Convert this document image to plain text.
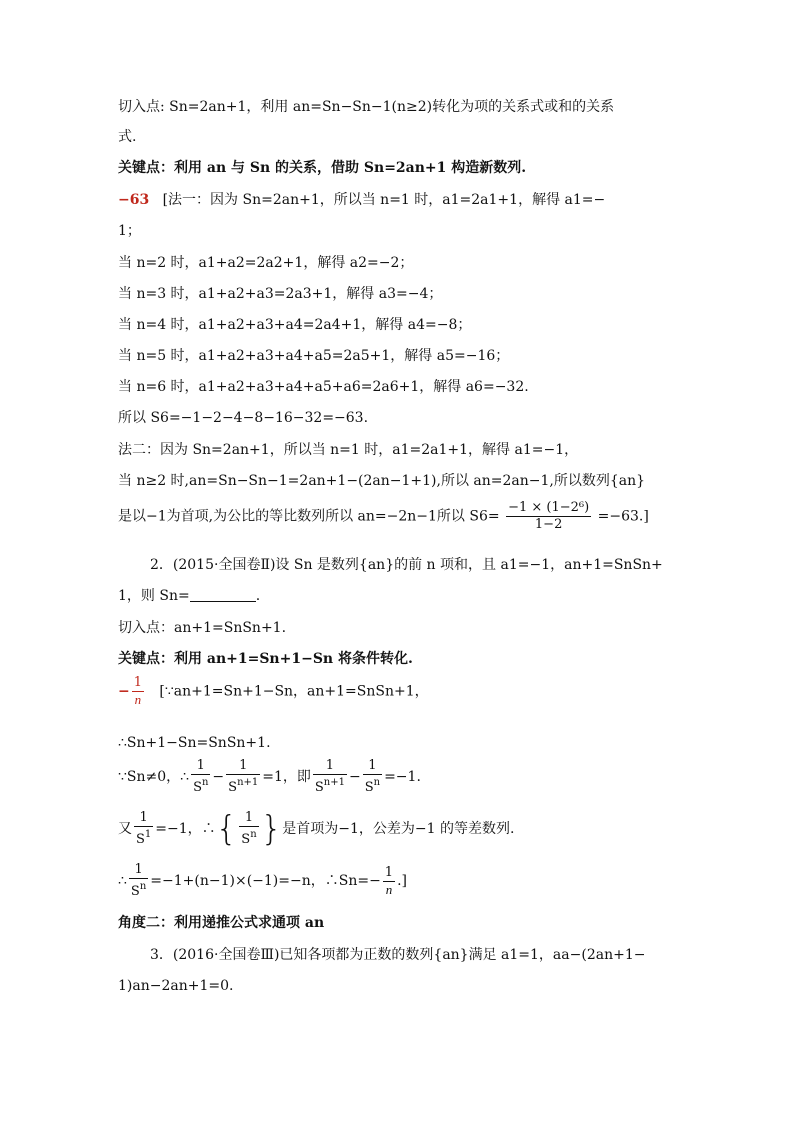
切入点: Sn=2an+1，利用 an=Sn−Sn−1(n≥2)转化为项的关系式或和的关系
式.
关键点：利用 an 与 Sn 的关系，借助 Sn=2an+1 构造新数列.
−63 [法一：因为 Sn=2an+1，所以当 n=1 时，a1=2a1+1，解得 a1=−
1；
当 n=2 时，a1+a2=2a2+1，解得 a2=−2；
当 n=3 时，a1+a2+a3=2a3+1，解得 a3=−4；
当 n=4 时，a1+a2+a3+a4=2a4+1，解得 a4=−8；
当 n=5 时，a1+a2+a3+a4+a5=2a5+1，解得 a5=−16；
当 n=6 时，a1+a2+a3+a4+a5+a6=2a6+1，解得 a6=−32.
所以 S6=−1−2−4−8−16−32=−63.
法二：因为 Sn=2an+1，所以当 n=1 时，a1=2a1+1，解得 a1=−1，
当 n≥2 时,an=Sn−Sn−1=2an+1−(2an−1+1),所以 an=2an−1,所以数列{an}
是以−1为首项,为公比的等比数列所以 an=−2n−1所以 $S6= \frac{\text{−1 × (1−2⁶)}}{1-2} =-63$.]
2．(2015·全国卷Ⅱ)设 Sn 是数列{an}的前 n 项和，且 a1=−1，an+1=SnSn+
1，则 Sn=	.
切入点：an+1=SnSn+1.
关键点：利用 an+1=Sn+1−Sn 将条件转化.
− $\frac{1}{n}$ [∵an+1=Sn+1−Sn，an+1=SnSn+1，
∴Sn+1−Sn=SnSn+1.
∵Sn≠0，∴ $\frac{1}{S^n} - \frac{1}{S^{n+1}} =1$，即 $\frac{1}{S^{n+1}} - \frac{1}{S^n} =-1$.
又 $\frac{1}{S^1} =-1$，∴{ $\frac{1}{S^n}$ }是首项为−1，公差为−1 的等差数列.
∴ $\frac{1}{S^n} =-1+(n-1)\times(-1)=-n$，∴Sn=− $\frac{1}{n}$ .]
角度二：利用递推公式求通项 an
3．(2016·全国卷Ⅲ)已知各项都为正数的数列{an}满足 a1=1，aa−(2an+1−
1)an−2an+1=0.
